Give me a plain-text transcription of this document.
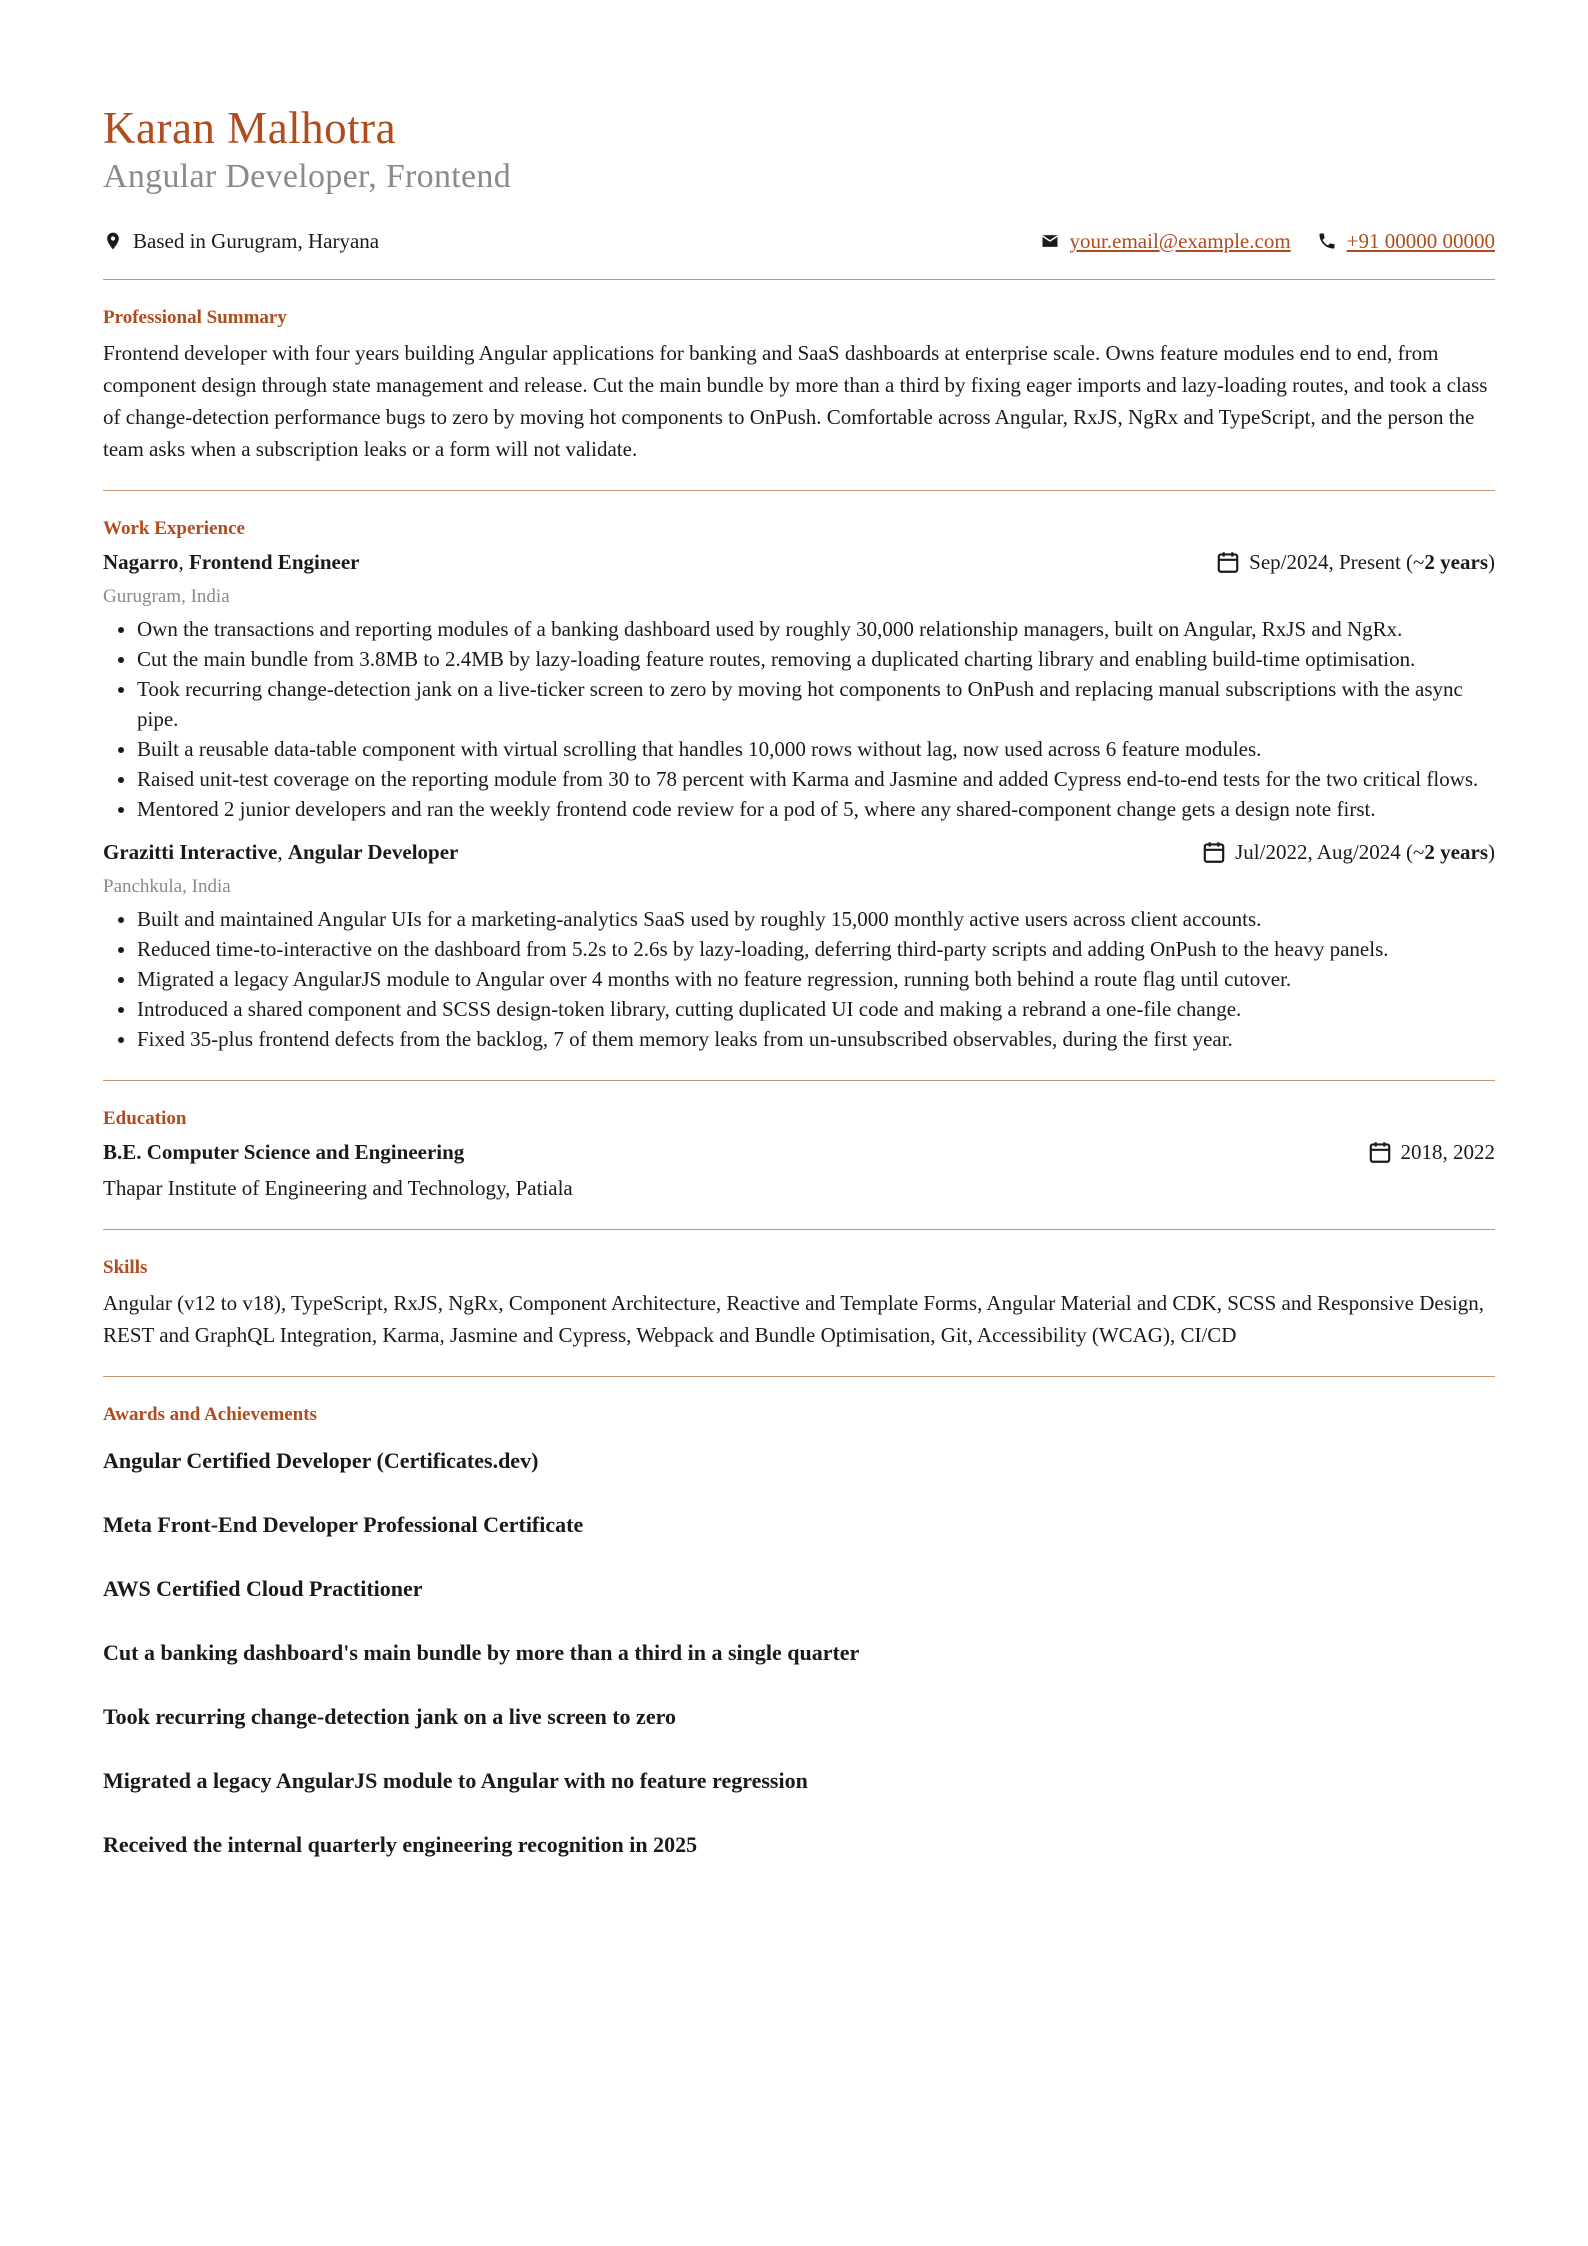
Karan Malhotra
Angular Developer, Frontend
Based in Gurugram, Haryana	your.email@example.com	+91 00000 00000
Professional Summary
Frontend developer with four years building Angular applications for banking and SaaS dashboards at enterprise scale. Owns feature modules end to end, from component design through state management and release. Cut the main bundle by more than a third by fixing eager imports and lazy-loading routes, and took a class of change-detection performance bugs to zero by moving hot components to OnPush. Comfortable across Angular, RxJS, NgRx and TypeScript, and the person the team asks when a subscription leaks or a form will not validate.
Work Experience
Nagarro, Frontend Engineer	Sep/2024, Present (~ 2 years )
Gurugram, India
• Own the transactions and reporting modules of a banking dashboard used by roughly 30,000 relationship managers, built on Angular, RxJS and NgRx.
• Cut the main bundle from 3.8MB to 2.4MB by lazy-loading feature routes, removing a duplicated charting library and enabling build-time optimisation.
• Took recurring change-detection jank on a live-ticker screen to zero by moving hot components to OnPush and replacing manual subscriptions with the async pipe.
• Built a reusable data-table component with virtual scrolling that handles 10,000 rows without lag, now used across 6 feature modules.
• Raised unit-test coverage on the reporting module from 30 to 78 percent with Karma and Jasmine and added Cypress end-to-end tests for the two critical flows.
• Mentored 2 junior developers and ran the weekly frontend code review for a pod of 5, where any shared-component change gets a design note first.
Grazitti Interactive, Angular Developer	Jul/2022, Aug/2024 (~ 2 years )
Panchkula, India
• Built and maintained Angular UIs for a marketing-analytics SaaS used by roughly 15,000 monthly active users across client accounts.
• Reduced time-to-interactive on the dashboard from 5.2s to 2.6s by lazy-loading, deferring third-party scripts and adding OnPush to the heavy panels.
• Migrated a legacy AngularJS module to Angular over 4 months with no feature regression, running both behind a route flag until cutover.
• Introduced a shared component and SCSS design-token library, cutting duplicated UI code and making a rebrand a one-file change.
• Fixed 35-plus frontend defects from the backlog, 7 of them memory leaks from un-unsubscribed observables, during the first year.
Education
B.E. Computer Science and Engineering	2018, 2022
Thapar Institute of Engineering and Technology, Patiala
Skills
Angular (v12 to v18), TypeScript, RxJS, NgRx, Component Architecture, Reactive and Template Forms, Angular Material and CDK, SCSS and Responsive Design, REST and GraphQL Integration, Karma, Jasmine and Cypress, Webpack and Bundle Optimisation, Git, Accessibility (WCAG), CI/CD
Awards and Achievements
Angular Certified Developer (Certificates.dev)
Meta Front-End Developer Professional Certificate
AWS Certified Cloud Practitioner
Cut a banking dashboard's main bundle by more than a third in a single quarter
Took recurring change-detection jank on a live screen to zero
Migrated a legacy AngularJS module to Angular with no feature regression
Received the internal quarterly engineering recognition in 2025
